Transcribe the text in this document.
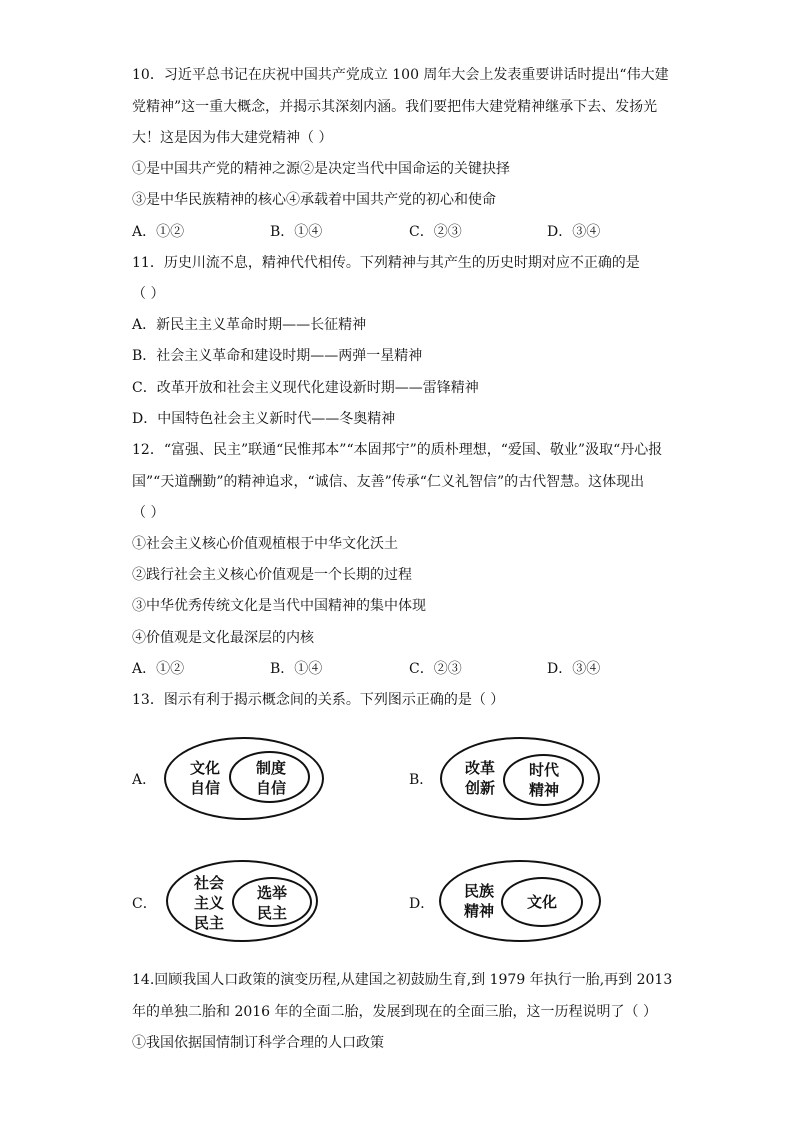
10．习近平总书记在庆祝中国共产党成立 100 周年大会上发表重要讲话时提出“伟大建
党精神”这一重大概念，并揭示其深刻内涵。我们要把伟大建党精神继承下去、发扬光
大！这是因为伟大建党精神（ ）
①是中国共产党的精神之源②是决定当代中国命运的关键抉择
③是中华民族精神的核心④承载着中国共产党的初心和使命
A．①②	B．①④	C．②③	D．③④
11．历史川流不息，精神代代相传。下列精神与其产生的历史时期对应不正确的是
（ ）
A．新民主主义革命时期——长征精神
B．社会主义革命和建设时期——两弹一星精神
C．改革开放和社会主义现代化建设新时期——雷锋精神
D．中国特色社会主义新时代——冬奥精神
12．“富强、民主”联通“民惟邦本”“本固邦宁”的质朴理想，“爱国、敬业”汲取“丹心报
国”“天道酬勤”的精神追求，“诚信、友善”传承“仁义礼智信”的古代智慧。这体现出
（ ）
①社会主义核心价值观植根于中华文化沃土
②践行社会主义核心价值观是一个长期的过程
③中华优秀传统文化是当代中国精神的集中体现
④价值观是文化最深层的内核
A．①②	B．①④	C．②③	D．③④
13．图示有利于揭示概念间的关系。下列图示正确的是（ ）
A．
文化
自信
制度
自信	B．
改革
创新
时代
精神
C．
社会
主义
民主
选举
民主	D．
民族
精神	文化
14.回顾我国人口政策的演变历程,从建国之初鼓励生育,到 1979 年执行一胎,再到 2013
年的单独二胎和 2016 年的全面二胎，发展到现在的全面三胎，这一历程说明了（ ）
①我国依据国情制订科学合理的人口政策
